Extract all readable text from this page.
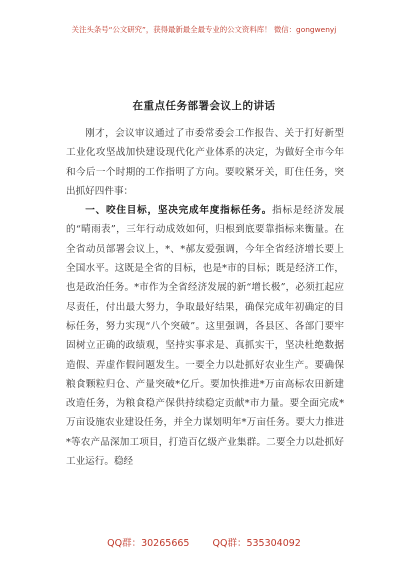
关注头条号“公文研究”，获得最新最全最专业的公文资料库！ 微信：gongwenyj
在重点任务部署会议上的讲话

刚才，会议审议通过了市委常委会工作报告、关于打好新型工业化攻坚战加快建设现代化产业体系的决定，为做好全市今年和今后一个时期的工作指明了方向。要咬紧牙关，盯住任务，突出抓好四件事：

一、咬住目标，坚决完成年度指标任务。指标是经济发展的“晴雨表”，三年行动成效如何，归根到底要靠指标来衡量。在全省动员部署会议上，*、*郝友爱强调，今年全省经济增长要上全国水平。这既是全省的目标，也是*市的目标；既是经济工作，也是政治任务。*市作为全省经济发展的新“增长极”，必须扛起应尽责任，付出最大努力，争取最好结果，确保完成年初确定的目标任务，努力实现“八个突破”。这里强调，各县区、各部门要牢固树立正确的政绩观，坚持实事求是、真抓实干，坚决杜绝数据造假、弄虚作假问题发生。一要全力以赴抓好农业生产。要确保粮食颗粒归仓、产量突破*亿斤。要加快推进*万亩高标农田新建改造任务，为粮食稳产保供持续稳定贡献*市力量。要全面完成*万亩设施农业建设任务，并全力谋划明年*万亩任务。要大力推进*等农产品深加工项目，打造百亿级产业集群。二要全力以赴抓好工业运行。稳经

QQ群：30265665 QQ群：535304092
